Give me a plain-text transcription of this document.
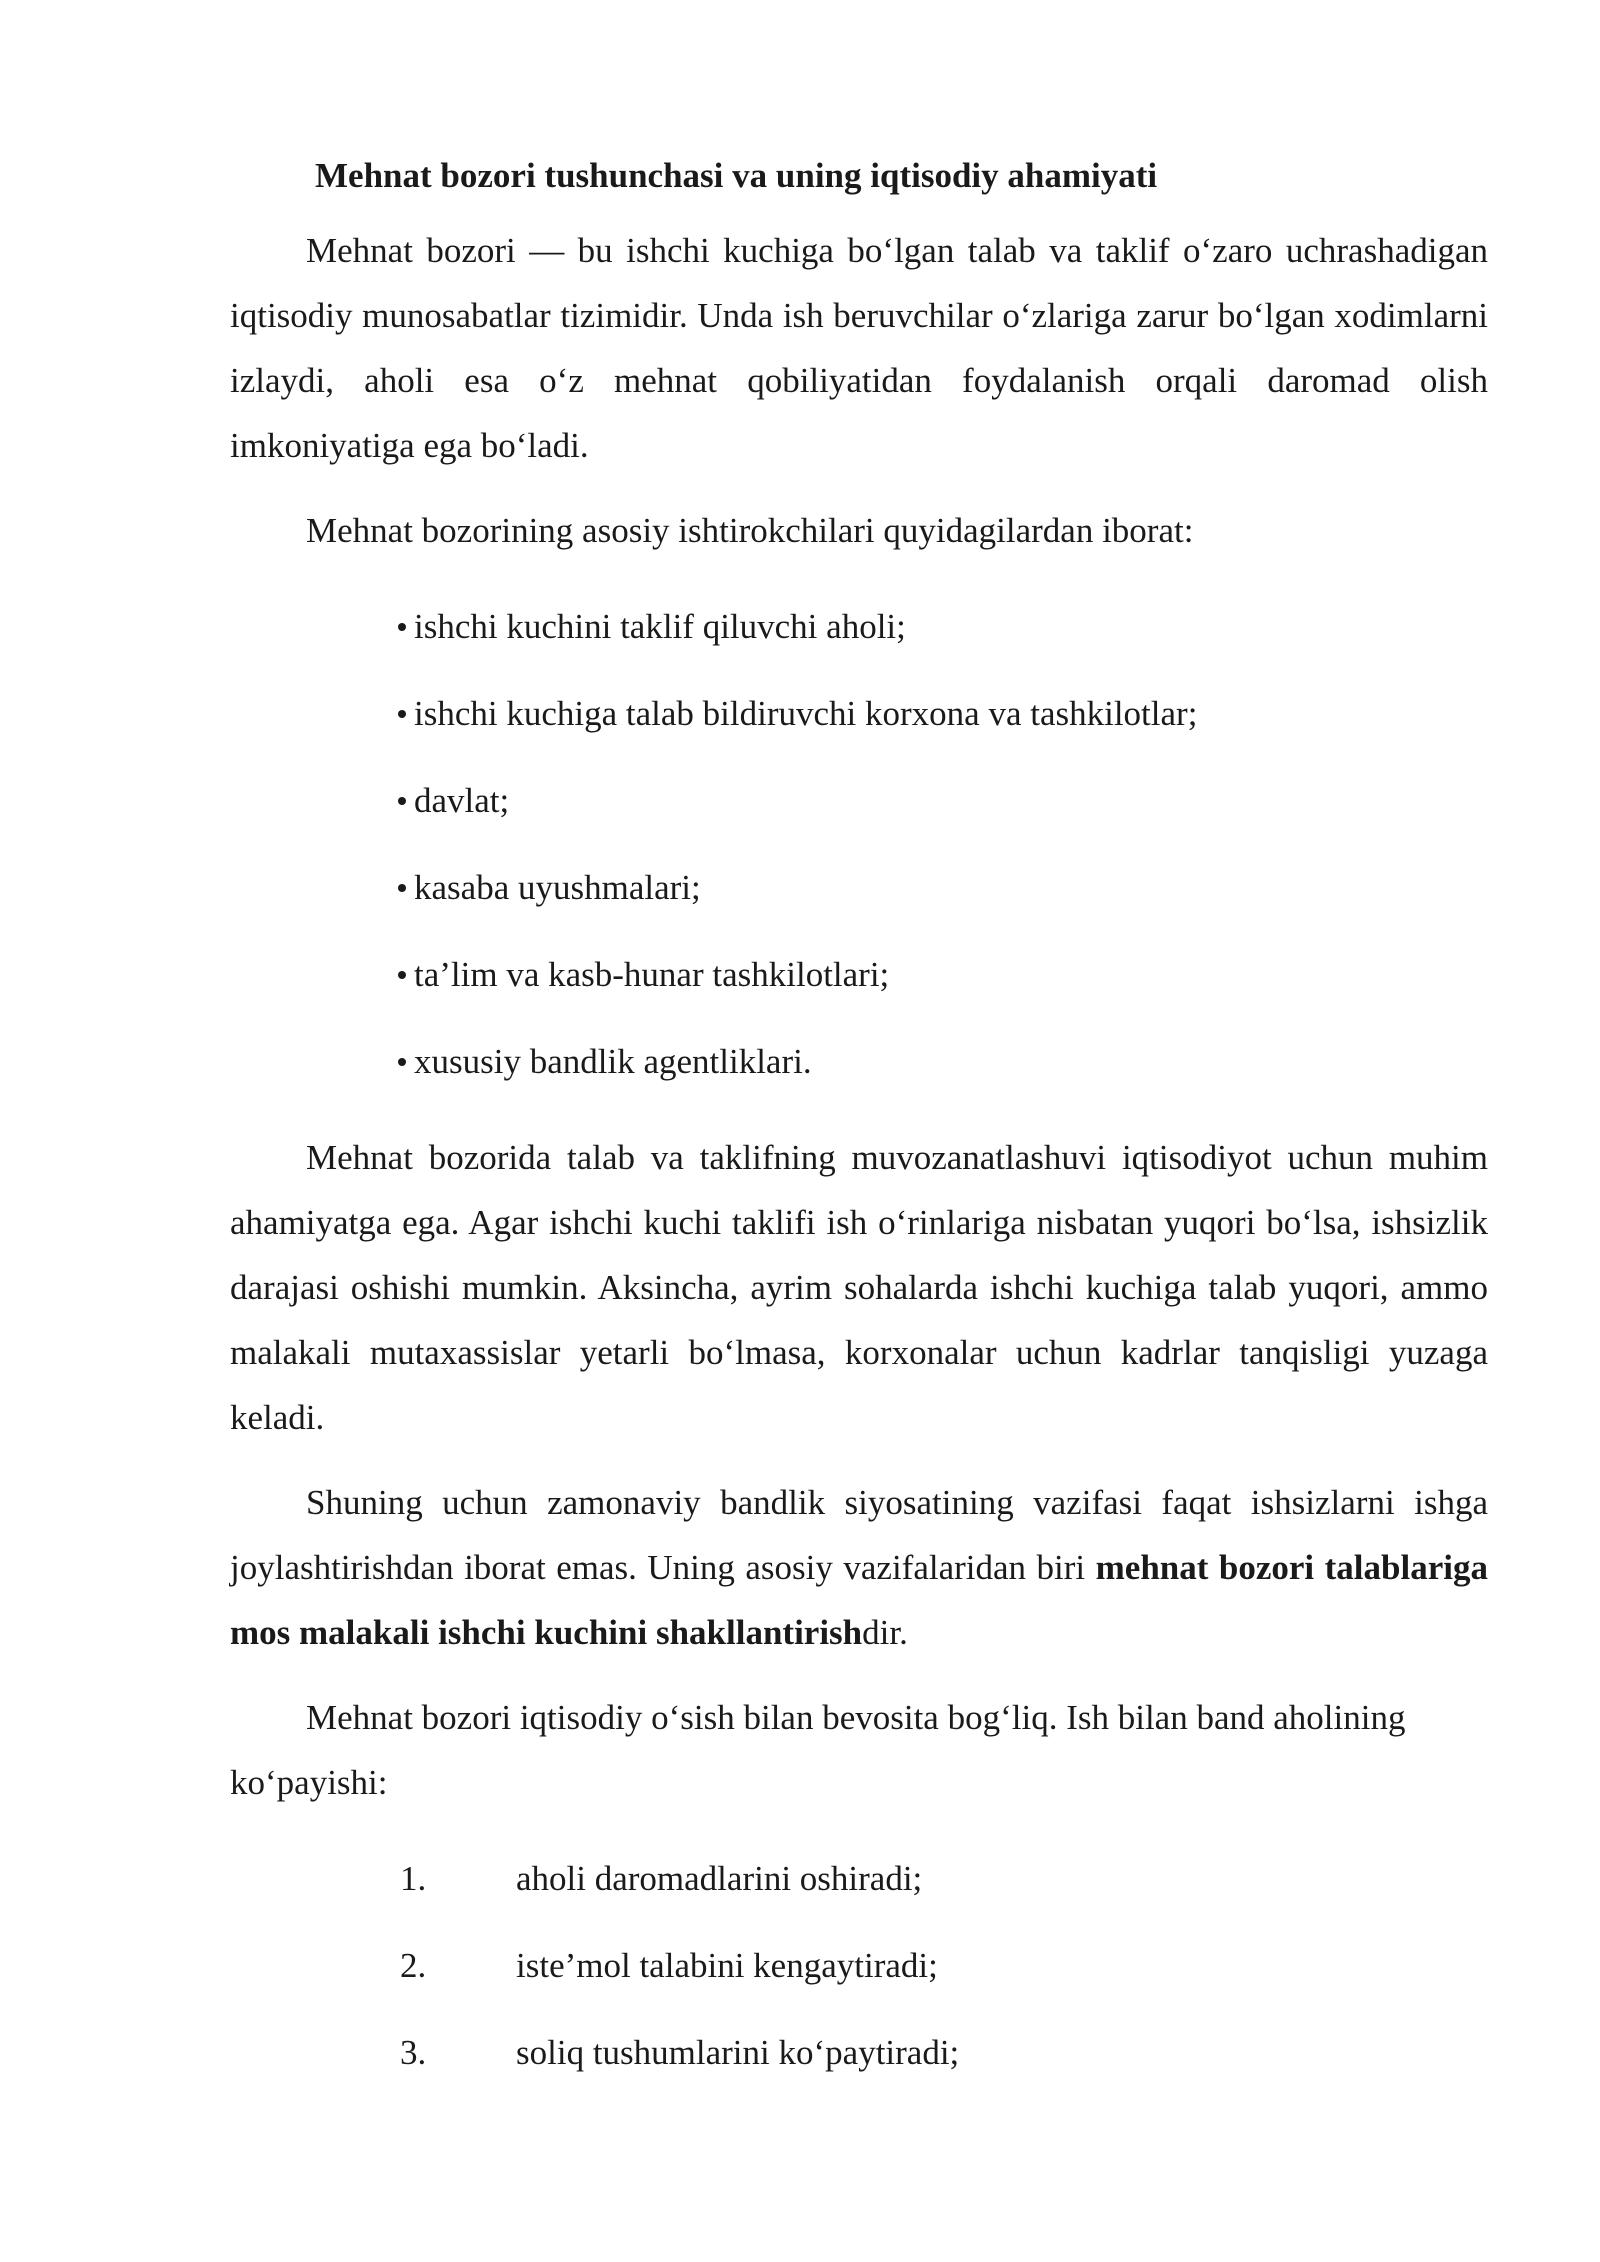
Mehnat bozori tushunchasi va uning iqtisodiy ahamiyati

Mehnat bozori — bu ishchi kuchiga bo‘lgan talab va taklif o‘zaro uchrashadigan iqtisodiy munosabatlar tizimidir. Unda ish beruvchilar o‘zlariga zarur bo‘lgan xodimlarni izlaydi, aholi esa o‘z mehnat qobiliyatidan foydalanish orqali daromad olish imkoniyatiga ega bo‘ladi.

Mehnat bozorining asosiy ishtirokchilari quyidagilardan iborat:

ishchi kuchini taklif qiluvchi aholi;
ishchi kuchiga talab bildiruvchi korxona va tashkilotlar;
davlat;
kasaba uyushmalari;
ta’lim va kasb-hunar tashkilotlari;
xususiy bandlik agentliklari.

Mehnat bozorida talab va taklifning muvozanatlashuvi iqtisodiyot uchun muhim ahamiyatga ega. Agar ishchi kuchi taklifi ish o‘rinlariga nisbatan yuqori bo‘lsa, ishsizlik darajasi oshishi mumkin. Aksincha, ayrim sohalarda ishchi kuchiga talab yuqori, ammo malakali mutaxassislar yetarli bo‘lmasa, korxonalar uchun kadrlar tanqisligi yuzaga keladi.

Shuning uchun zamonaviy bandlik siyosatining vazifasi faqat ishsizlarni ishga joylashtirishdan iborat emas. Uning asosiy vazifalaridan biri mehnat bozori talablariga mos malakali ishchi kuchini shakllantirishdir.

Mehnat bozori iqtisodiy o‘sish bilan bevosita bog‘liq. Ish bilan band aholining ko‘payishi:

1.	aholi daromadlarini oshiradi;
2.	iste’mol talabini kengaytiradi;
3.	soliq tushumlarini ko‘paytiradi;
